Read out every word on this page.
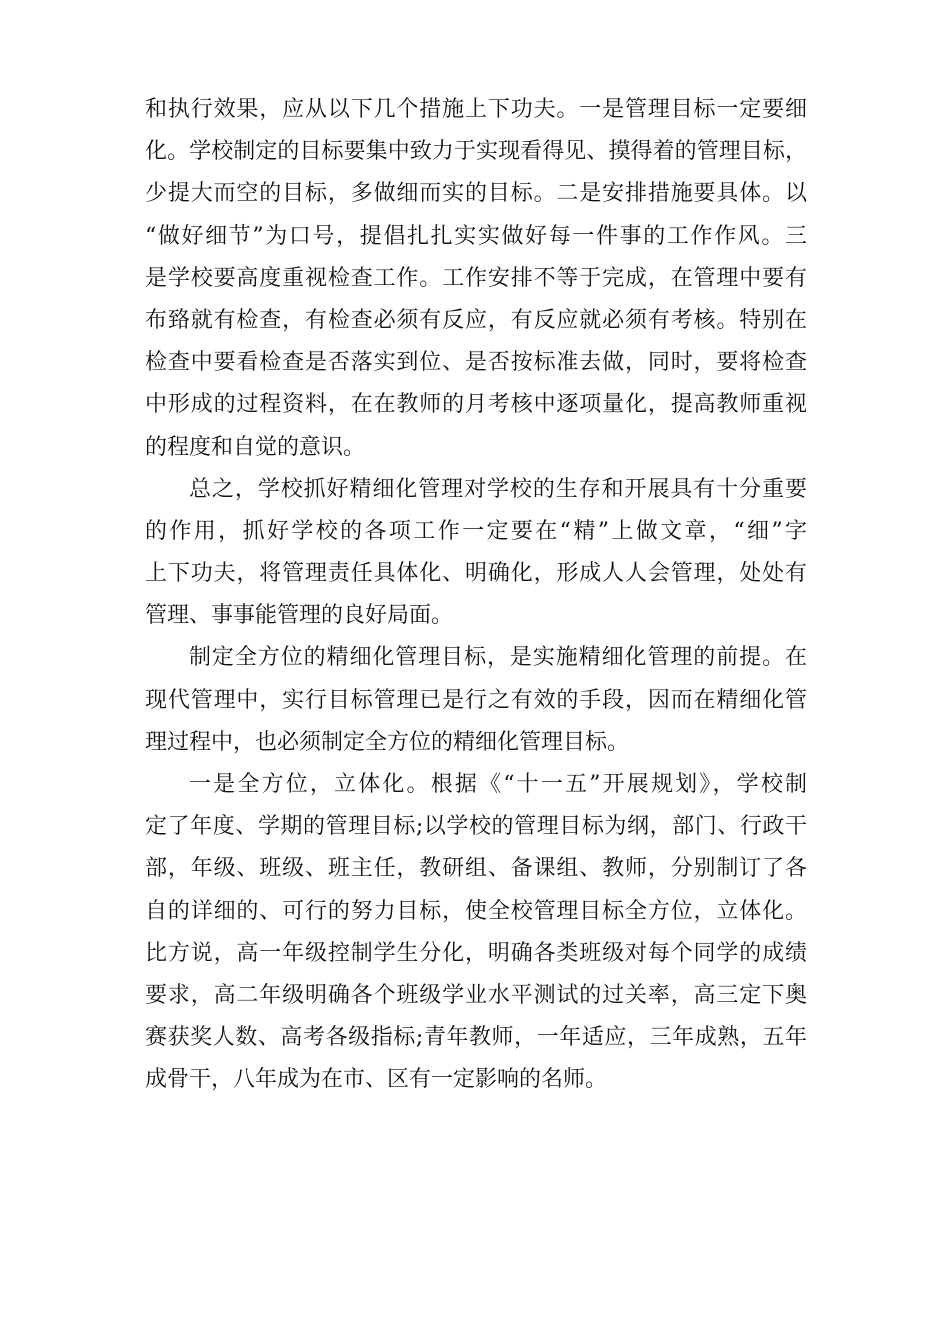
和执行效果，应从以下几个措施上下功夫。一是管理目标一定要细
化。学校制定的目标要集中致力于实现看得见、摸得着的管理目标，
少提大而空的目标，多做细而实的目标。二是安排措施要具体。以
“做好细节”为口号，提倡扎扎实实做好每一件事的工作作风。三
是学校要高度重视检查工作。工作安排不等于完成，在管理中要有
布臵就有检查，有检查必须有反应，有反应就必须有考核。特别在
检查中要看检查是否落实到位、是否按标准去做，同时，要将检查
中形成的过程资料，在在教师的月考核中逐项量化，提高教师重视
的程度和自觉的意识。
总之，学校抓好精细化管理对学校的生存和开展具有十分重要
的作用，抓好学校的各项工作一定要在“精”上做文章，“细”字
上下功夫，将管理责任具体化、明确化，形成人人会管理，处处有
管理、事事能管理的良好局面。
制定全方位的精细化管理目标，是实施精细化管理的前提。在
现代管理中，实行目标管理已是行之有效的手段，因而在精细化管
理过程中，也必须制定全方位的精细化管理目标。
一是全方位，立体化。根据《“十一五”开展规划》，学校制
定了年度、学期的管理目标;以学校的管理目标为纲，部门、行政干
部，年级、班级、班主任，教研组、备课组、教师，分别制订了各
自的详细的、可行的努力目标，使全校管理目标全方位，立体化。
比方说，高一年级控制学生分化，明确各类班级对每个同学的成绩
要求，高二年级明确各个班级学业水平测试的过关率，高三定下奥
赛获奖人数、高考各级指标;青年教师，一年适应，三年成熟，五年
成骨干，八年成为在市、区有一定影响的名师。
